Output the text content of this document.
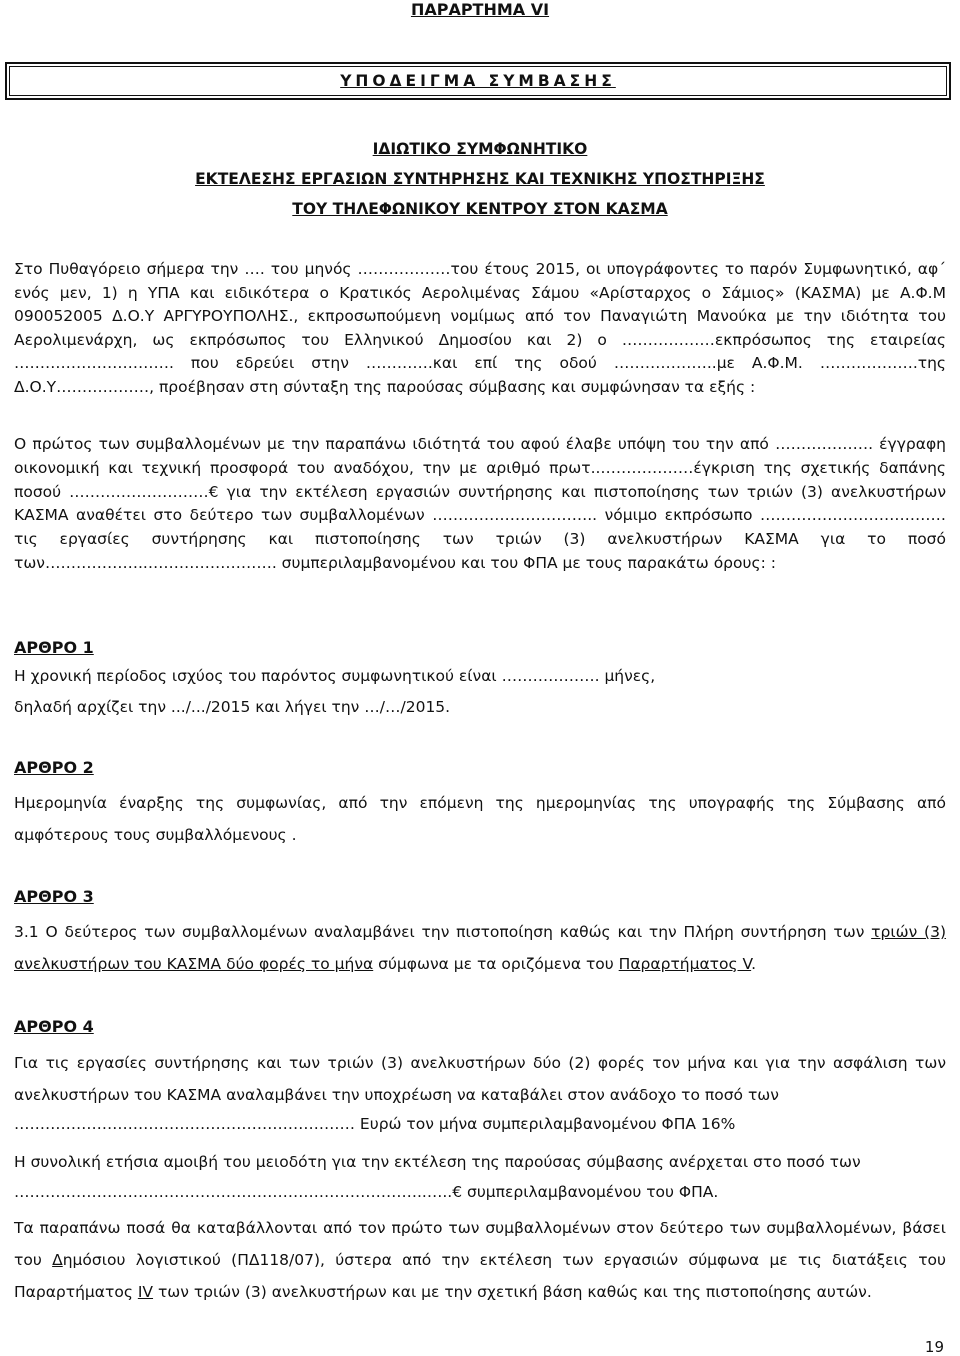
ΠΑΡΑΡΤΗΜΑ VI
ΥΠΟΔΕΙΓΜΑ ΣΥΜΒΑΣΗΣ
ΙΔΙΩΤΙΚΟ ΣΥΜΦΩΝΗΤΙΚΟ
ΕΚΤΕΛΕΣΗΣ ΕΡΓΑΣΙΩΝ ΣΥΝΤΗΡΗΣΗΣ ΚΑΙ ΤΕΧΝΙΚΗΣ ΥΠΟΣΤΗΡΙΞΗΣ
ΤΟΥ ΤΗΛΕΦΩΝΙΚΟΥ ΚΕΝΤΡΟΥ ΣΤΟΝ ΚΑΣΜΑ
Στο Πυθαγόρειο σήμερα την …. του μηνός ………………του έτους 2015, οι υπογράφοντες το παρόν Συμφωνητικό, αφ΄ ενός μεν, 1) η ΥΠΑ και ειδικότερα ο Κρατικός Αερολιμένας Σάμου «Αρίσταρχος ο Σάμιος» (ΚΑΣΜΑ) με Α.Φ.Μ 090052005 Δ.Ο.Υ ΑΡΓΥΡΟΥΠΟΛΗΣ., εκπροσωπούμενη νομίμως από τον Παναγιώτη Μανούκα με την ιδιότητα του Αερολιμενάρχη, ως εκπρόσωπος του Ελληνικού Δημοσίου και 2) ο ………………εκπρόσωπος της εταιρείας …………………………. που εδρεύει στην ………….και επί της οδού ………………..με Α.Φ.Μ. ……………….της Δ.Ο.Υ………………, προέβησαν στη σύνταξη της παρούσας σύμβασης και συμφώνησαν τα εξής :
Ο πρώτος των συμβαλλομένων με την παραπάνω ιδιότητά του αφού έλαβε υπόψη του την από ………………. έγγραφη οικονομική και τεχνική προσφορά του αναδόχου, την με αριθμό πρωτ..………………έγκριση της σχετικής δαπάνης ποσού ………………………€ για την εκτέλεση εργασιών συντήρησης και πιστοποίησης των τριών (3) ανελκυστήρων ΚΑΣΜΑ αναθέτει στο δεύτερο των συμβαλλομένων ………………………….. νόμιμο εκπρόσωπο ………………………………τις εργασίες συντήρησης και πιστοποίησης των τριών (3) ανελκυστήρων ΚΑΣΜΑ για το ποσό των………………..……………………. συμπεριλαμβανομένου και του ΦΠΑ με τους παρακάτω όρους: :
ΑΡΘΡΟ 1
Η χρονική περίοδος ισχύος του παρόντος συμφωνητικού είναι ………………. μήνες,
δηλαδή αρχίζει την .../.../2015 και λήγει την …/…/2015.
ΑΡΘΡΟ 2
Ημερομηνία έναρξης της συμφωνίας, από την επόμενη της ημερομηνίας της υπογραφής της Σύμβασης από αμφότερους τους συμβαλλόμενους .
ΑΡΘΡΟ 3
3.1 Ο δεύτερος των συμβαλλομένων αναλαμβάνει την πιστοποίηση καθώς και την Πλήρη συντήρηση των τριών (3) ανελκυστήρων του ΚΑΣΜΑ δύο φορές το μήνα σύμφωνα με τα οριζόμενα του Παραρτήματος V.
ΑΡΘΡΟ 4
Για τις εργασίες συντήρησης και των τριών (3) ανελκυστήρων δύο (2) φορές τον μήνα και για την ασφάλιση των ανελκυστήρων του ΚΑΣΜΑ αναλαμβάνει την υποχρέωση να καταβάλει στον ανάδοχο το ποσό των
………………………………………………………… Ευρώ τον μήνα συμπεριλαμβανομένου ΦΠΑ 16%
Η συνολική ετήσια αμοιβή του μειοδότη για την εκτέλεση της παρούσας σύμβασης ανέρχεται στο ποσό των
……………………………………………………………………..…..€ συμπεριλαμβανομένου του ΦΠΑ.
Τα παραπάνω ποσά θα καταβάλλονται από τον πρώτο των συμβαλλομένων στον δεύτερο των συμβαλλομένων, βάσει του Δημόσιου λογιστικού (ΠΔ118/07), ύστερα από την εκτέλεση των εργασιών σύμφωνα με τις διατάξεις του Παραρτήματος IV των τριών (3) ανελκυστήρων και με την σχετική βάση καθώς και της πιστοποίησης αυτών.
19
